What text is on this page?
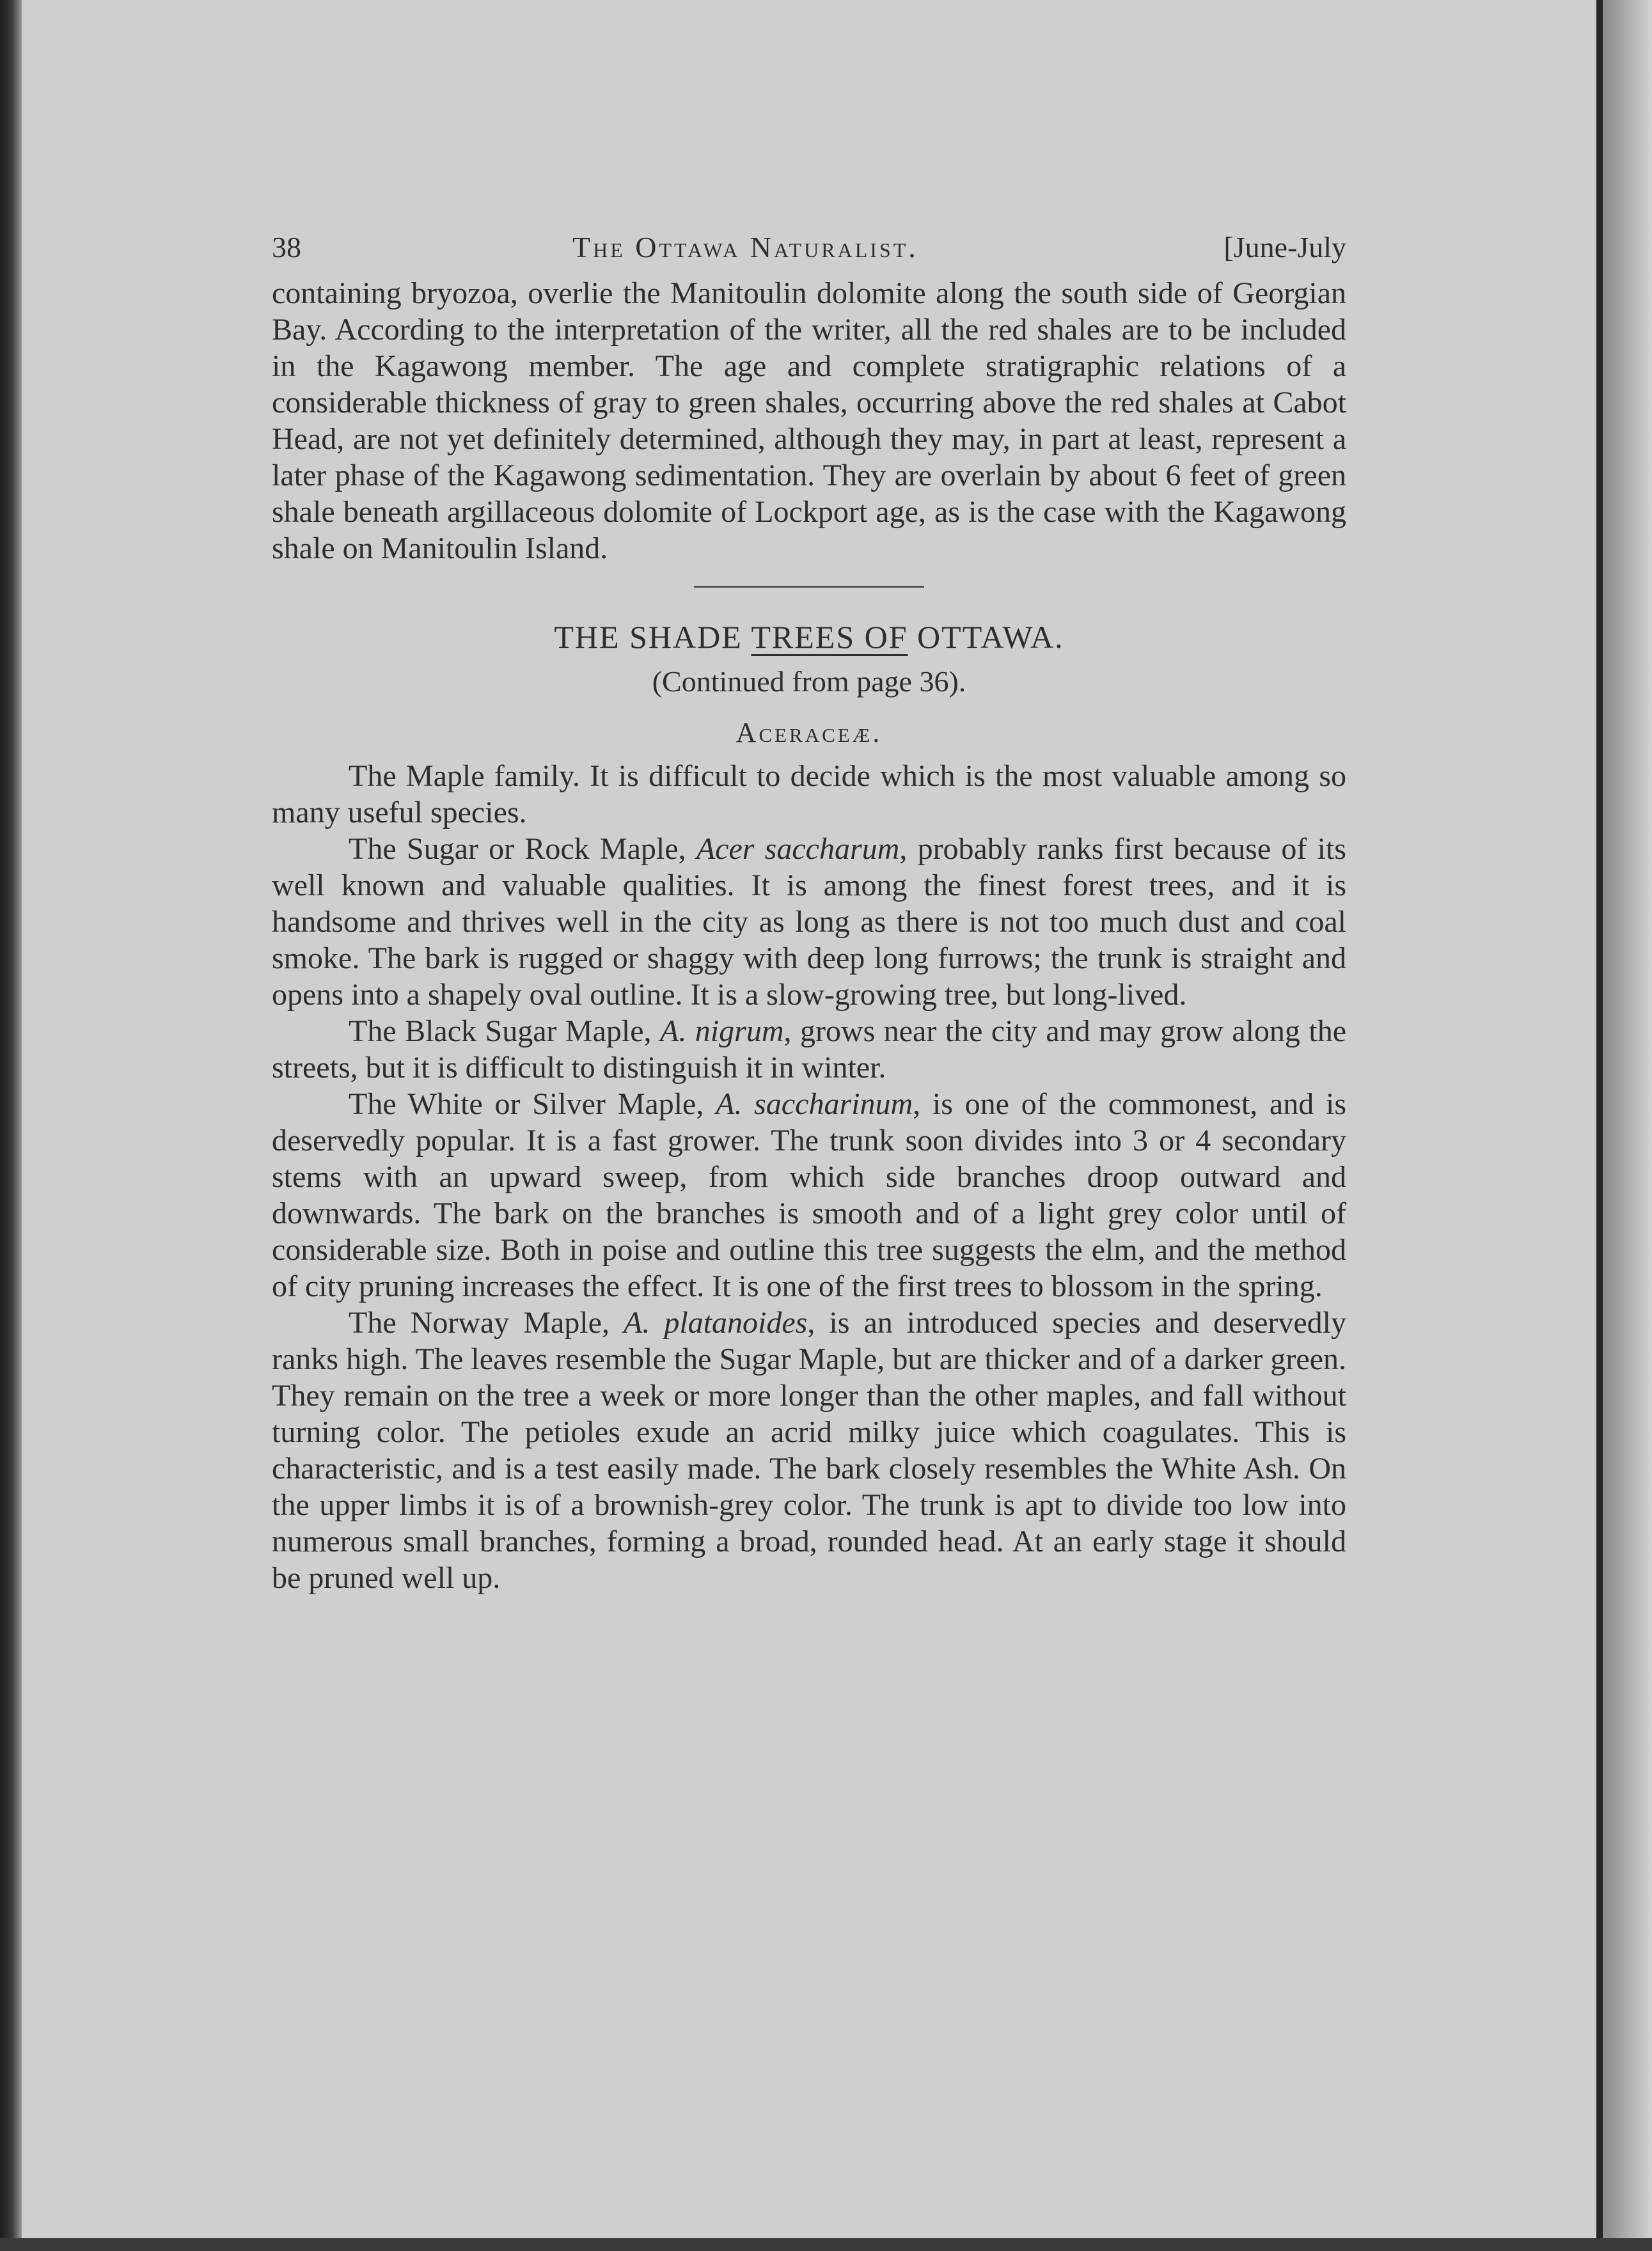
38	The Ottawa Naturalist.	[June-July

containing bryozoa, overlie the Manitoulin dolomite along the south side of Georgian Bay. According to the interpretation of the writer, all the red shales are to be included in the Kagawong member. The age and complete stratigraphic relations of a considerable thickness of gray to green shales, occurring above the red shales at Cabot Head, are not yet definitely determined, although they may, in part at least, represent a later phase of the Kagawong sedimentation. They are overlain by about 6 feet of green shale beneath argillaceous dolomite of Lockport age, as is the case with the Kagawong shale on Manitoulin Island.

THE SHADE TREES OF OTTAWA.
(Continued from page 36).
Aceraceæ.

The Maple family. It is difficult to decide which is the most valuable among so many useful species.

The Sugar or Rock Maple, Acer saccharum, probably ranks first because of its well known and valuable qualities. It is among the finest forest trees, and it is handsome and thrives well in the city as long as there is not too much dust and coal smoke. The bark is rugged or shaggy with deep long furrows; the trunk is straight and opens into a shapely oval outline. It is a slow-growing tree, but long-lived.

The Black Sugar Maple, A. nigrum, grows near the city and may grow along the streets, but it is difficult to distinguish it in winter.

The White or Silver Maple, A. saccharinum, is one of the commonest, and is deservedly popular. It is a fast grower. The trunk soon divides into 3 or 4 secondary stems with an upward sweep, from which side branches droop outward and downwards. The bark on the branches is smooth and of a light grey color until of considerable size. Both in poise and outline this tree suggests the elm, and the method of city pruning increases the effect. It is one of the first trees to blossom in the spring.

The Norway Maple, A. platanoides, is an introduced species and deservedly ranks high. The leaves resemble the Sugar Maple, but are thicker and of a darker green. They remain on the tree a week or more longer than the other maples, and fall without turning color. The petioles exude an acrid milky juice which coagulates. This is characteristic, and is a test easily made. The bark closely resembles the White Ash. On the upper limbs it is of a brownish-grey color. The trunk is apt to divide too low into numerous small branches, forming a broad, rounded head. At an early stage it should be pruned well up.
